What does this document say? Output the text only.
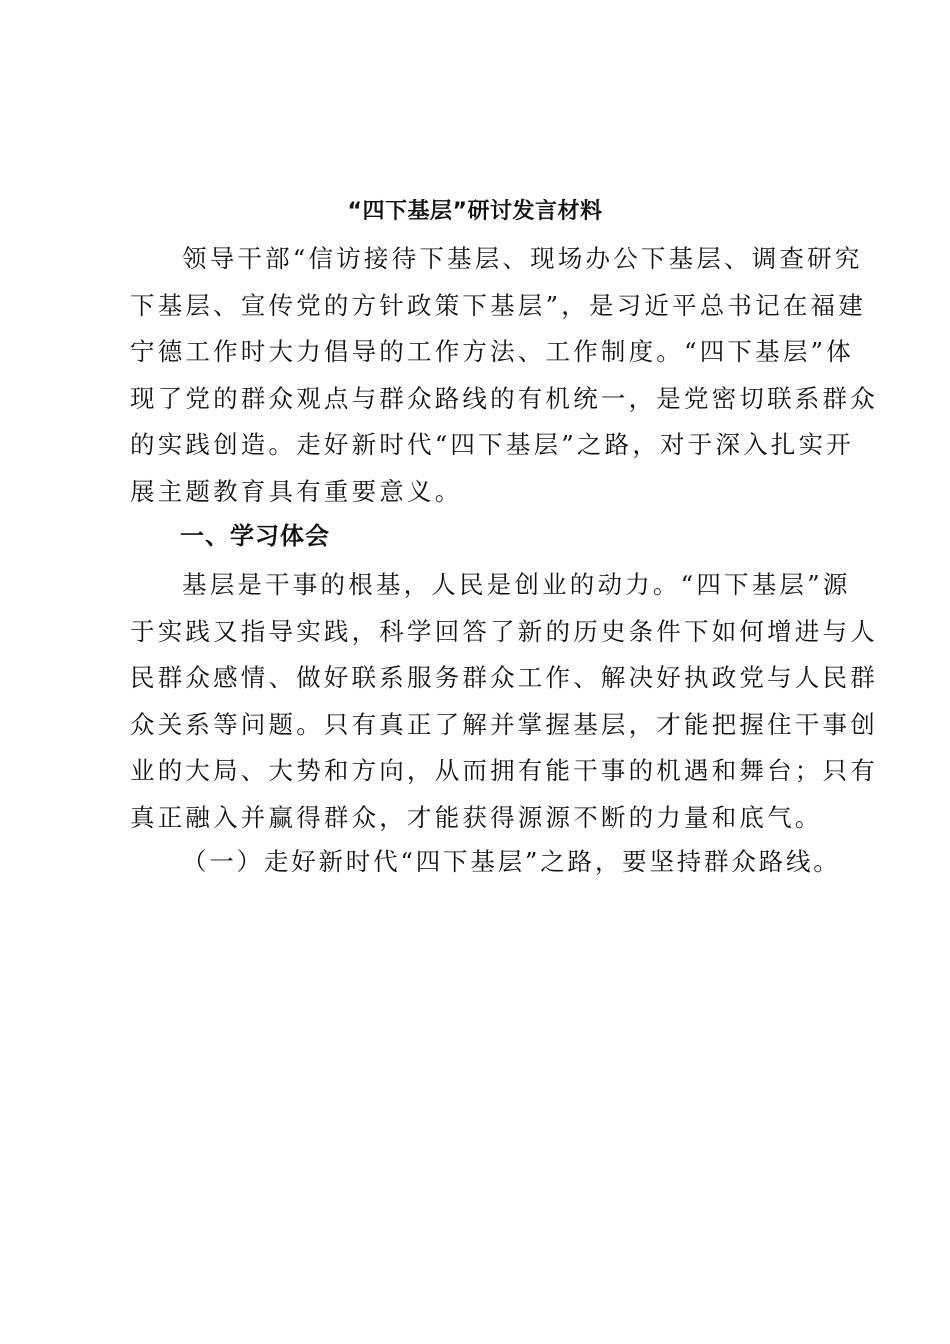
“四下基层”研讨发言材料
领导干部“信访接待下基层、现场办公下基层、调查研究
下基层、宣传党的方针政策下基层”，是习近平总书记在福建
宁德工作时大力倡导的工作方法、工作制度。“四下基层”体
现了党的群众观点与群众路线的有机统一，是党密切联系群众
的实践创造。走好新时代“四下基层”之路，对于深入扎实开
展主题教育具有重要意义。
一、学习体会
基层是干事的根基，人民是创业的动力。“四下基层”源
于实践又指导实践，科学回答了新的历史条件下如何增进与人
民群众感情、做好联系服务群众工作、解决好执政党与人民群
众关系等问题。只有真正了解并掌握基层，才能把握住干事创
业的大局、大势和方向，从而拥有能干事的机遇和舞台；只有
真正融入并赢得群众，才能获得源源不断的力量和底气。
（一）走好新时代“四下基层”之路，要坚持群众路线。
